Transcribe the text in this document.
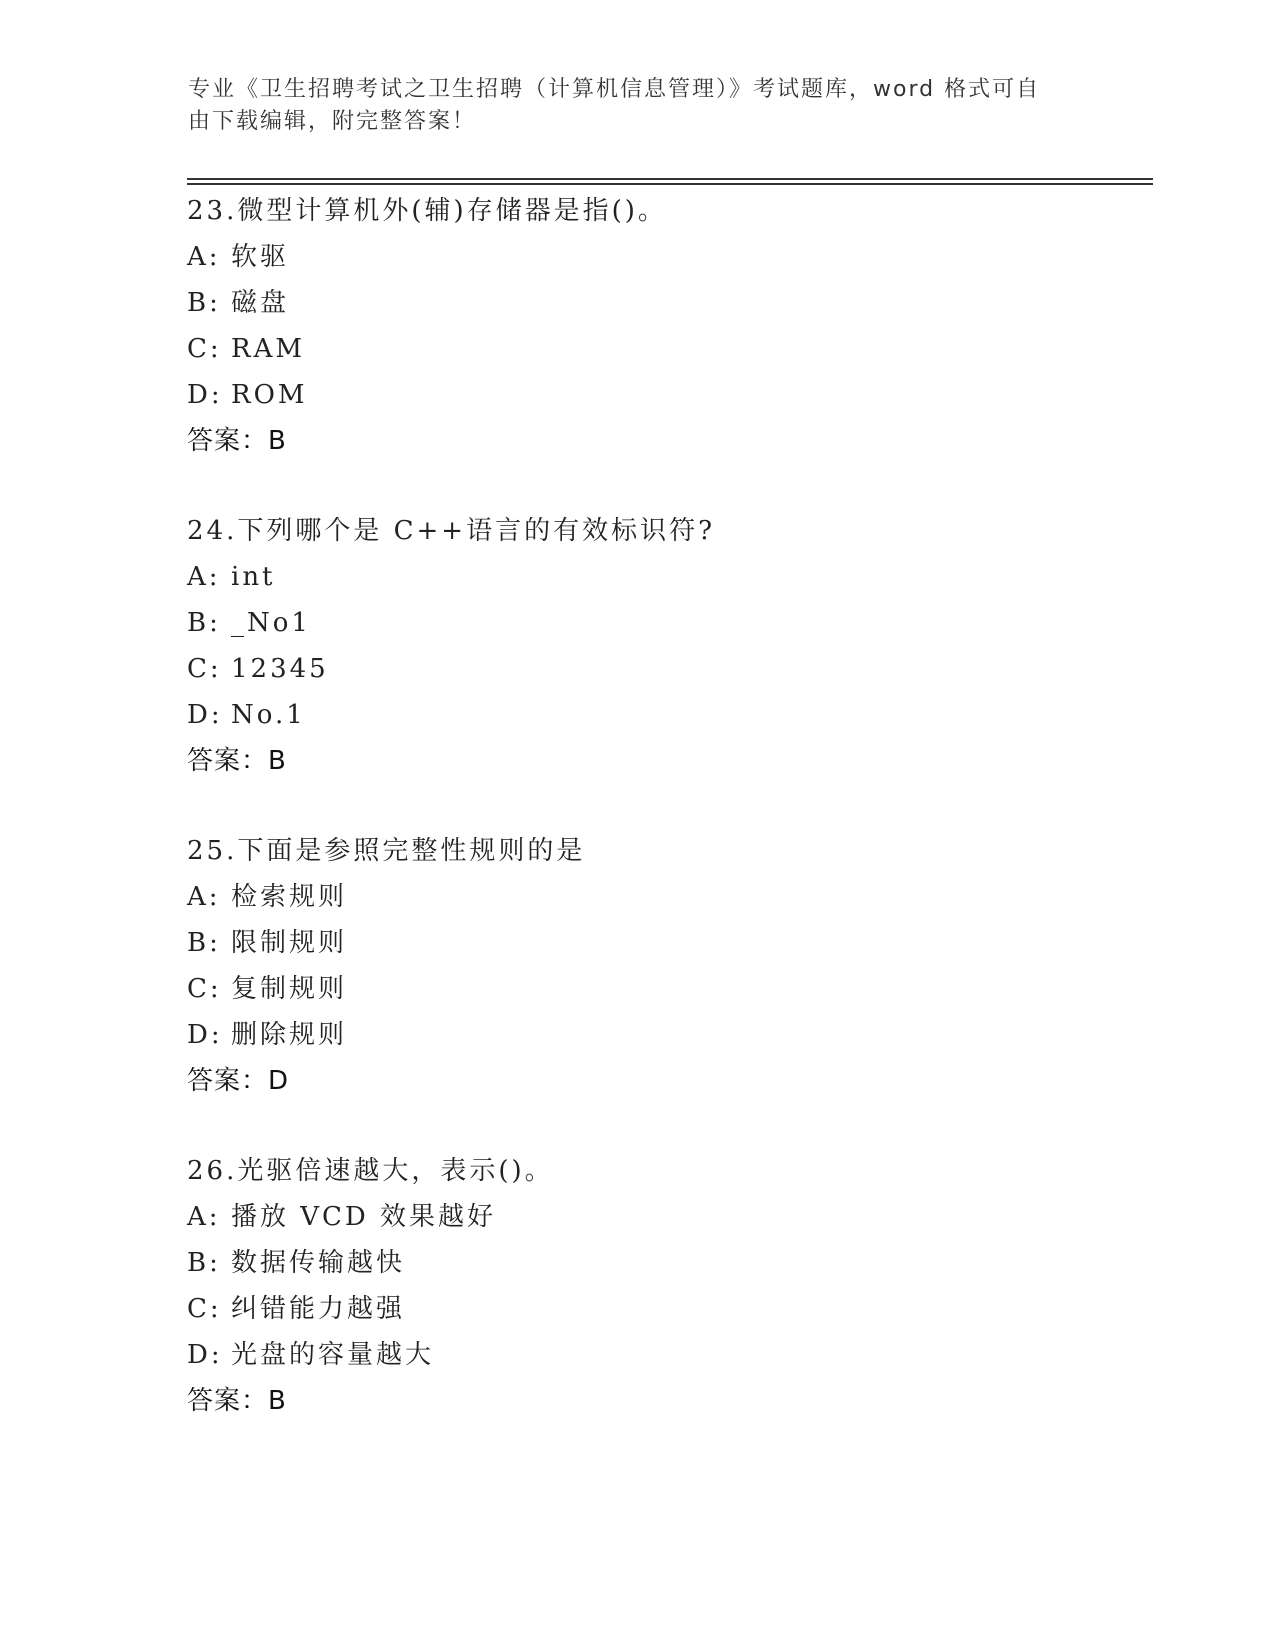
专业《卫生招聘考试之卫生招聘（计算机信息管理）》考试题库，word 格式可自
由下载编辑，附完整答案！
23.微型计算机外(辅)存储器是指()。
A: 软驱
B: 磁盘
C: RAM
D: ROM
答案：B
24.下列哪个是 C++语言的有效标识符?
A: int
B: _No1
C: 12345
D: No.1
答案：B
25.下面是参照完整性规则的是
A: 检索规则
B: 限制规则
C: 复制规则
D: 删除规则
答案：D
26.光驱倍速越大，表示()。
A: 播放 VCD 效果越好
B: 数据传输越快
C: 纠错能力越强
D: 光盘的容量越大
答案：B
